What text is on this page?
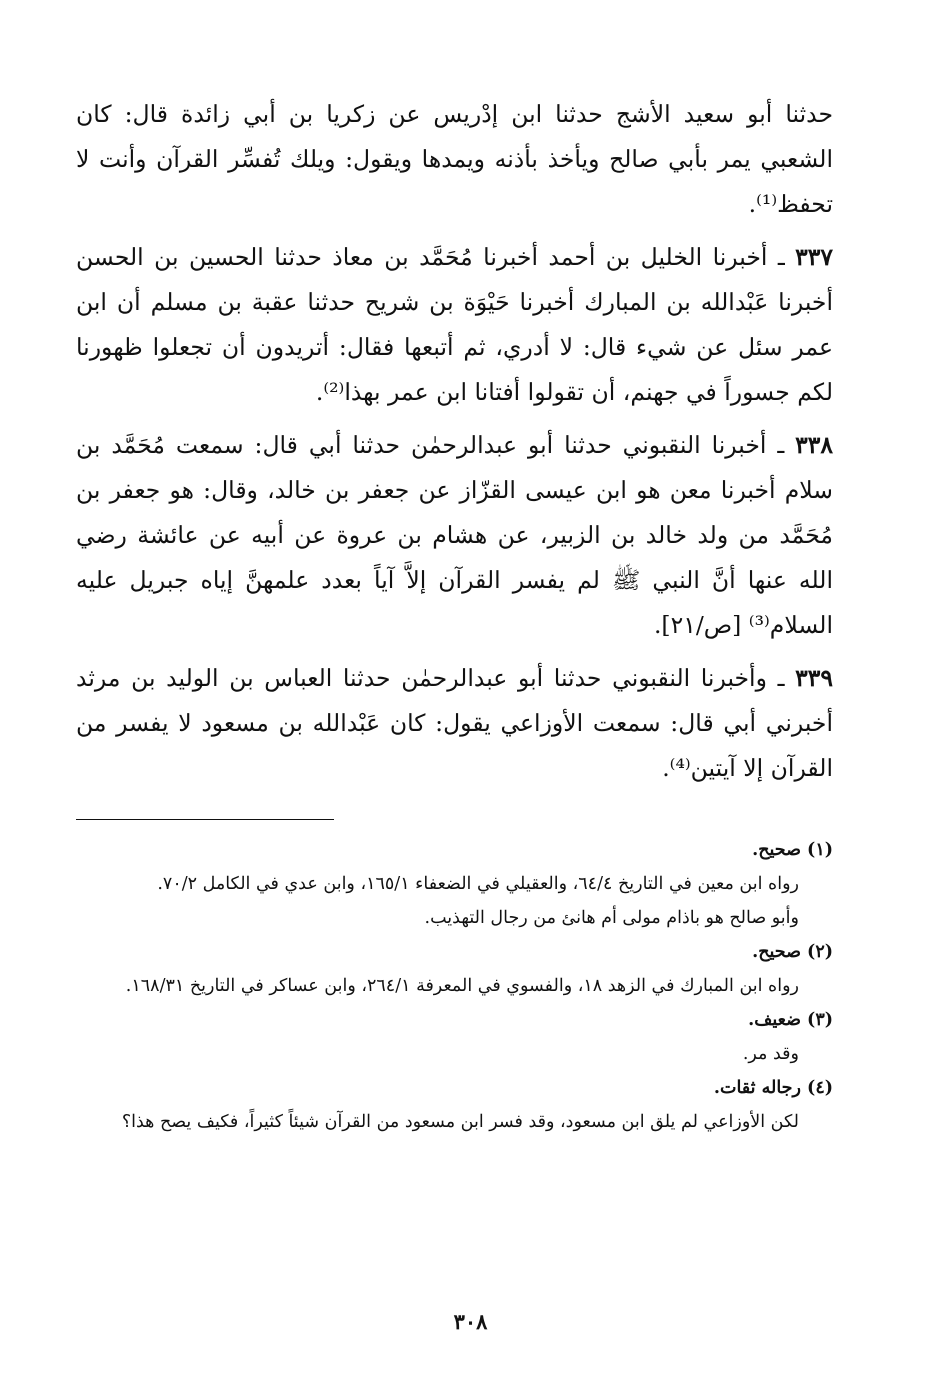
حدثنا أبو سعيد الأشج حدثنا ابن إدْريس عن زكريا بن أبي زائدة قال: كان الشعبي يمر بأبي صالح ويأخذ بأذنه ويمدها ويقول: ويلك تُفسِّر القرآن وأنت لا تحفظ⁽¹⁾.

٣٣٧ ـ أخبرنا الخليل بن أحمد أخبرنا مُحَمَّد بن معاذ حدثنا الحسين بن الحسن أخبرنا عَبْدالله بن المبارك أخبرنا حَيْوَة بن شريح حدثنا عقبة بن مسلم أن ابن عمر سئل عن شيء قال: لا أدري، ثم أتبعها فقال: أتريدون أن تجعلوا ظهورنا لكم جسوراً في جهنم، أن تقولوا أفتانا ابن عمر بهذا⁽²⁾.

٣٣٨ ـ أخبرنا النقبوني حدثنا أبو عبدالرحمٰن حدثنا أبي قال: سمعت مُحَمَّد بن سلام أخبرنا معن هو ابن عيسى القزّاز عن جعفر بن خالد، وقال: هو جعفر بن مُحَمَّد من ولد خالد بن الزبير، عن هشام بن عروة عن أبيه عن عائشة رضي الله عنها أنَّ النبي ﷺ لم يفسر القرآن إلاَّ آياً بعدد علمهنَّ إياه جبريل عليه السلام⁽³⁾ [ص/٢١].

٣٣٩ ـ وأخبرنا النقبوني حدثنا أبو عبدالرحمٰن حدثنا العباس بن الوليد بن مرثد أخبرني أبي قال: سمعت الأوزاعي يقول: كان عَبْدالله بن مسعود لا يفسر من القرآن إلا آيتين⁽⁴⁾.

(١) صحيح.

رواه ابن معين في التاريخ ٦٤/٤، والعقيلي في الضعفاء ١٦٥/١، وابن عدي في الكامل ٧٠/٢.

وأبو صالح هو باذام مولى أم هانئ من رجال التهذيب.

(٢) صحيح.

رواه ابن المبارك في الزهد ١٨، والفسوي في المعرفة ٢٦٤/١، وابن عساكر في التاريخ ١٦٨/٣١.

(٣) ضعيف.

وقد مر.

(٤) رجاله ثقات.

لكن الأوزاعي لم يلق ابن مسعود، وقد فسر ابن مسعود من القرآن شيئاً كثيراً، فكيف يصح هذا؟

٣٠٨
